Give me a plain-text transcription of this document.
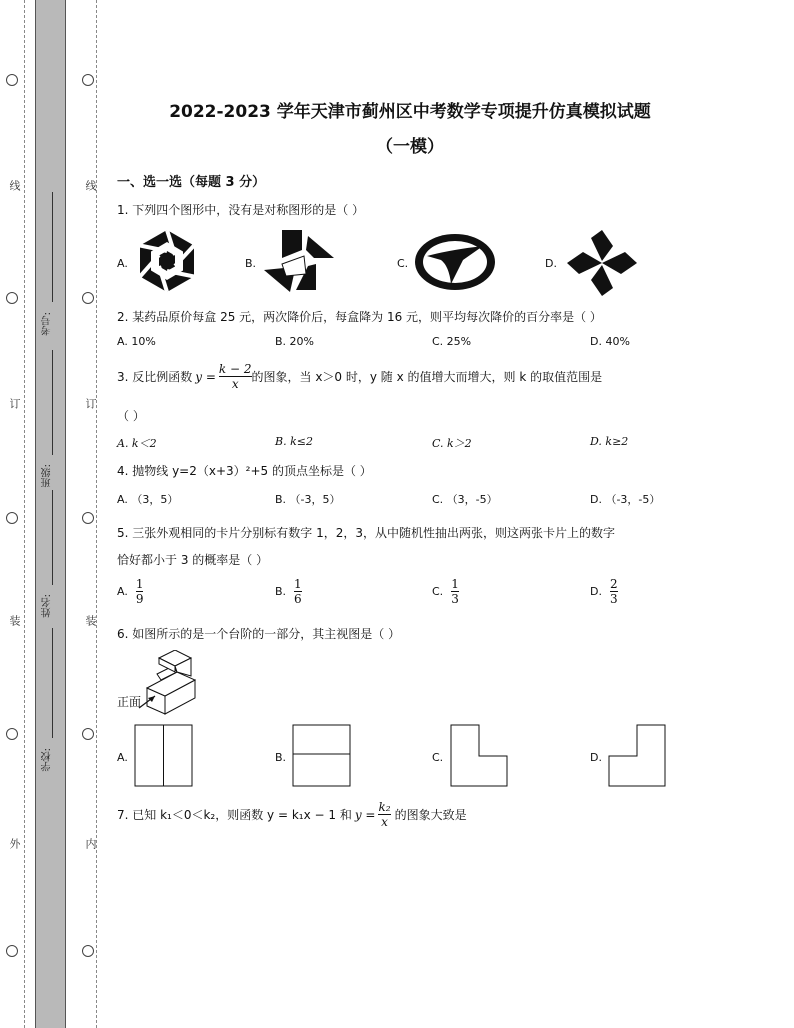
线
订
装
外
线
订
装
内
考号:
班级:
姓名:
学校:
2022-2023 学年天津市蓟州区中考数学专项提升仿真模拟试题
（一模）
一、选一选（每题 3 分）
1. 下列四个图形中，没有是对称图形的是（ ）
A.	B.	C.	D.
2. 某药品原价每盒 25 元，两次降价后，每盒降为 16 元，则平均每次降价的百分率是（ ）
A. 10%	B. 20%	C. 25%	D. 40%
3. 反比例函数 $y = \frac{k - 2}{x}$ 的图象，当 x＞0 时，y 随 x 的值增大而增大，则 k 的取值范围是
（ ）
A. k＜2	B. k≤2	C. k＞2	D. k≥2
4. 抛物线 y=2（x+3）²+5 的顶点坐标是（ ）
A. （3，5）	B. （-3，5）	C. （3，-5）	D. （-3，-5）
5. 三张外观相同的卡片分别标有数字 1，2，3，从中随机性抽出两张，则这两张卡片上的数字
恰好都小于 3 的概率是（ ）
A. $\frac{1}{9}$	B. $\frac{1}{6}$	C. $\frac{1}{3}$	D. $\frac{2}{3}$
6. 如图所示的是一个台阶的一部分，其主视图是（ ）
正面
A.	B.	C.	D.
7. 已知 k₁＜0＜k₂，则函数 y = k₁x − 1 和 $y = \frac{\text{k₂}}{x}$ 的图象大致是
